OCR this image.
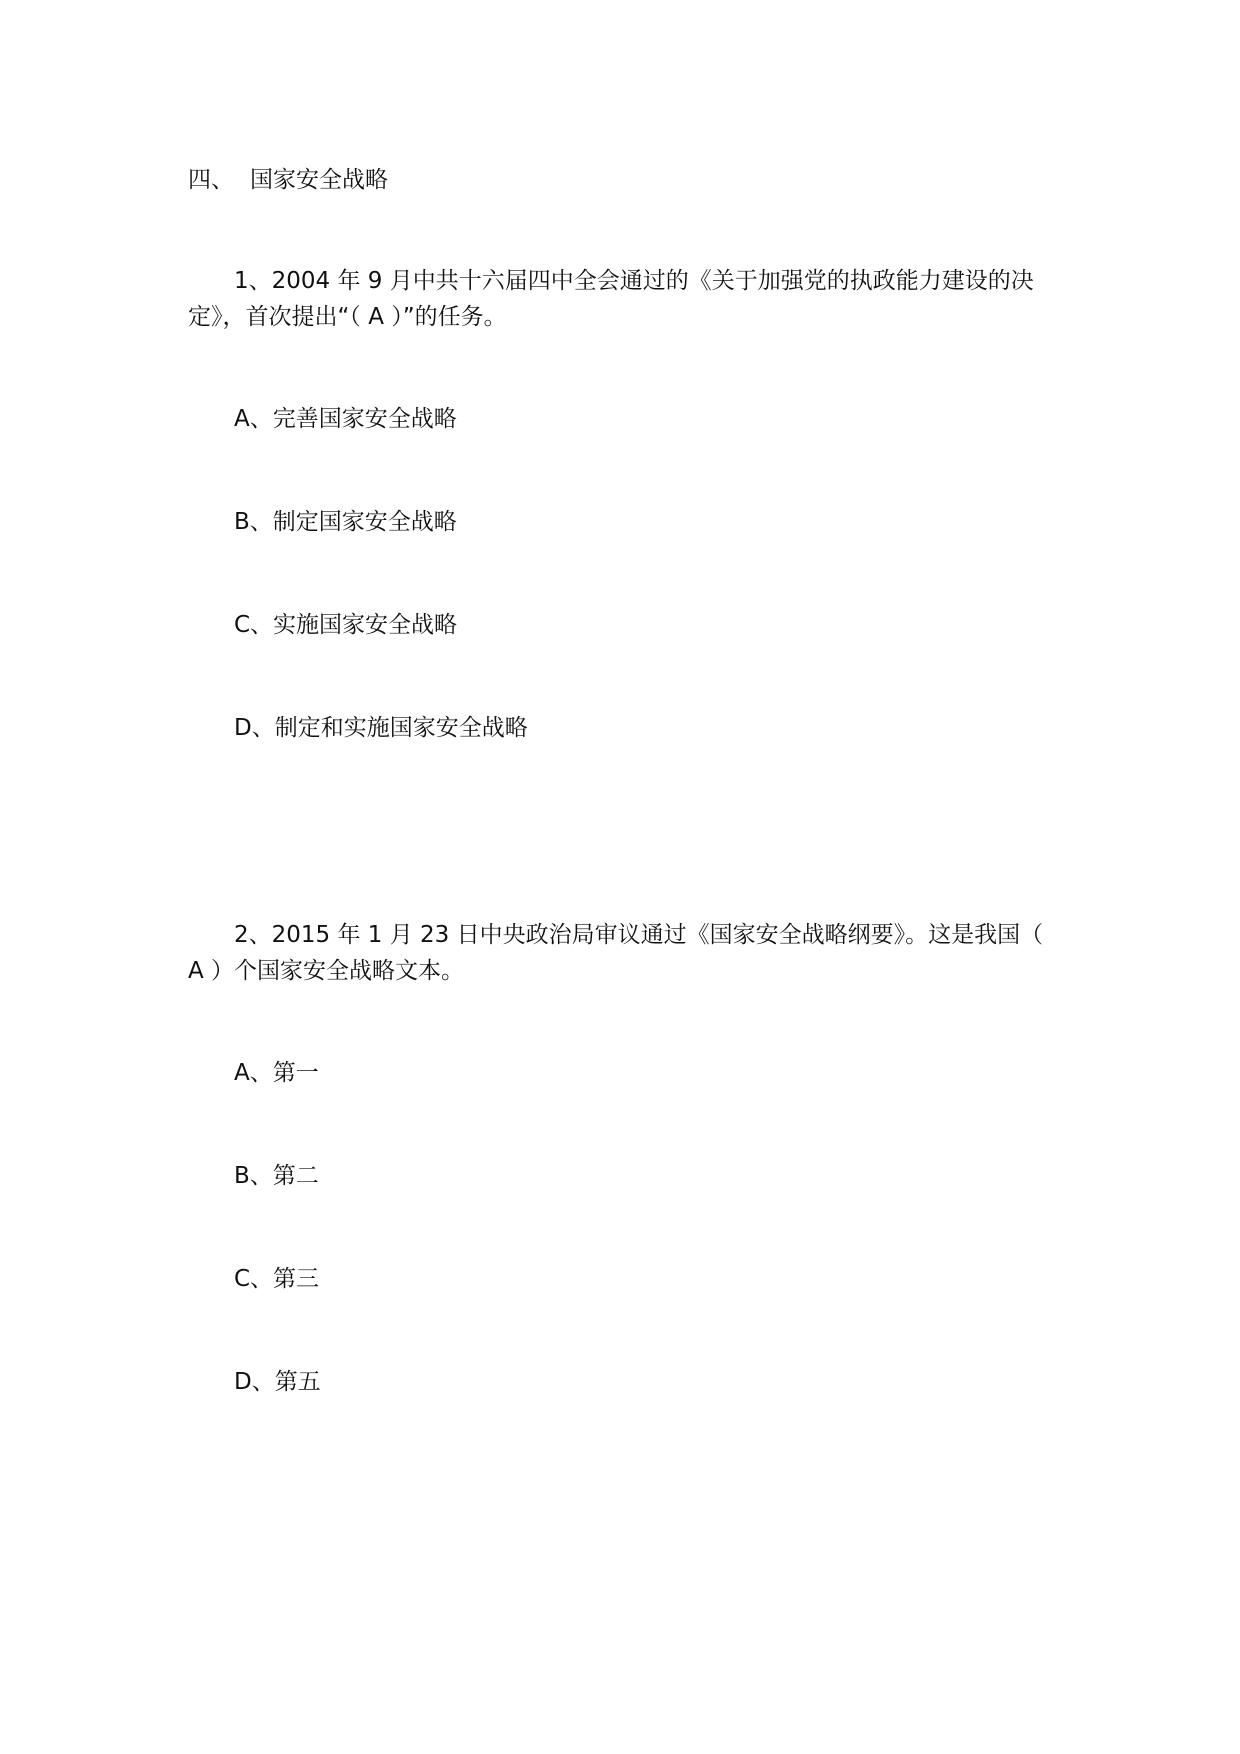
四、 国家安全战略
1、2004 年 9 月中共十六届四中全会通过的《关于加强党的执政能力建设的决定》，首次提出“（ A ）”的任务。
A、完善国家安全战略
B、制定国家安全战略
C、实施国家安全战略
D、制定和实施国家安全战略
2、2015 年 1 月 23 日中央政治局审议通过《国家安全战略纲要》。这是我国（ A ）个国家安全战略文本。
A、第一
B、第二
C、第三
D、第五
